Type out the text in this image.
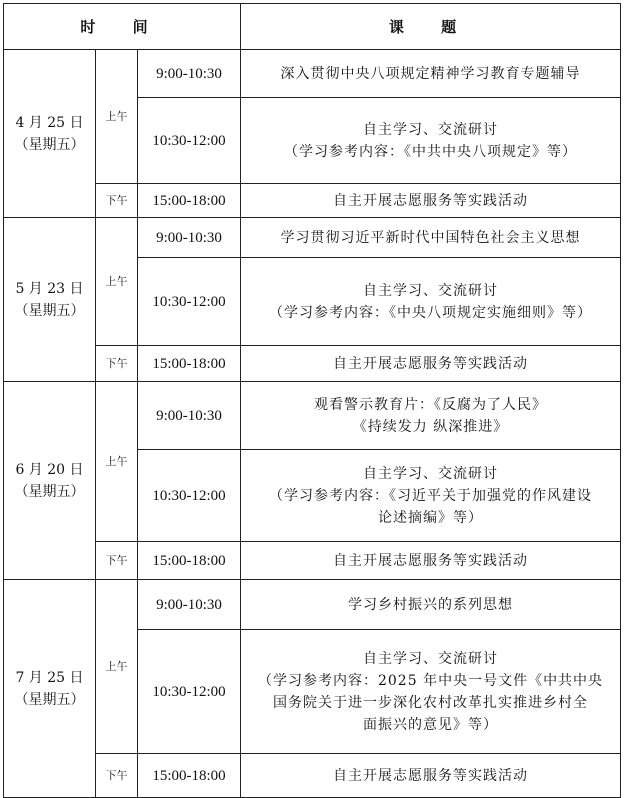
时 间			课 题
4 月 25 日
（星期五）	上午	9:00-10:30	深入贯彻中央八项规定精神学习教育专题辅导

		10:30-12:00	自主学习、交流研讨
（学习参考内容：《中共中央八项规定》等）

	下午	15:00-18:00	自主开展志愿服务等实践活动

5 月 23 日
（星期五）	上午	9:00-10:30	学习贯彻习近平新时代中国特色社会主义思想

		10:30-12:00	自主学习、交流研讨
（学习参考内容：《中央八项规定实施细则》等）

	下午	15:00-18:00	自主开展志愿服务等实践活动

6 月 20 日
（星期五）	上午	9:00-10:30	观看警示教育片：《反腐为了人民》
《持续发力 纵深推进》

		10:30-12:00	自主学习、交流研讨
（学习参考内容：《习近平关于加强党的作风建设
论述摘编》等）

	下午	15:00-18:00	自主开展志愿服务等实践活动

7 月 25 日
（星期五）	上午	9:00-10:30	学习乡村振兴的系列思想

		10:30-12:00	自主学习、交流研讨
（学习参考内容：2025 年中央一号文件《中共中央
国务院关于进一步深化农村改革扎实推进乡村全
面振兴的意见》等）

	下午	15:00-18:00	自主开展志愿服务等实践活动
